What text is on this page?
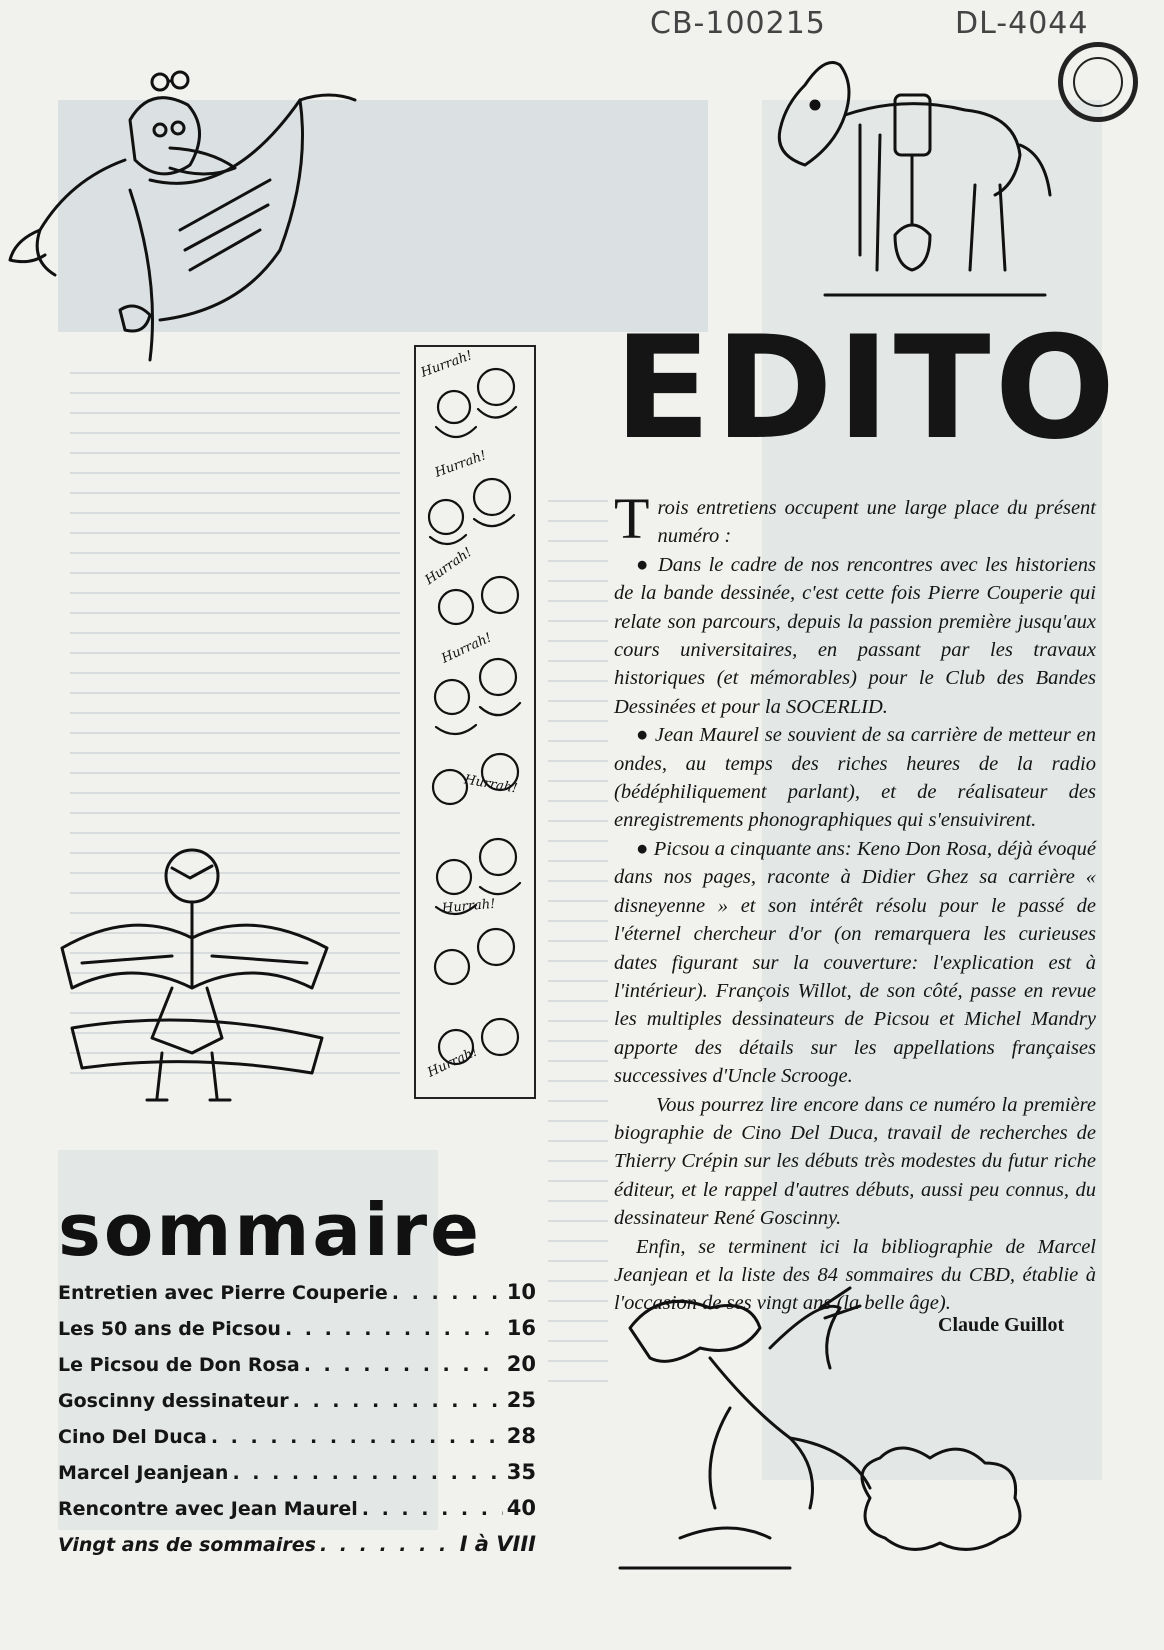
CB-100215	DL-4044
EDITO
Hurrah!
Hurrah!
Hurrah!
Hurrah!
Hurrah!
Hurrah!
Hurrah!

Trois entretiens occupent une large place du présent numéro :

● Dans le cadre de nos rencontres avec les historiens de la bande dessinée, c'est cette fois Pierre Couperie qui relate son parcours, depuis la passion première jusqu'aux cours universitaires, en passant par les travaux historiques (et mémorables) pour le Club des Bandes Dessinées et pour la SOCERLID.

● Jean Maurel se souvient de sa carrière de metteur en ondes, au temps des riches heures de la radio (bédéphiliquement parlant), et de réalisateur des enregistrements phonographiques qui s'ensuivirent.

● Picsou a cinquante ans: Keno Don Rosa, déjà évoqué dans nos pages, raconte à Didier Ghez sa carrière « disneyenne » et son intérêt résolu pour le passé de l'éternel chercheur d'or (on remarquera les curieuses dates figurant sur la couverture: l'explication est à l'intérieur). François Willot, de son côté, passe en revue les multiples dessinateurs de Picsou et Michel Mandry apporte des détails sur les appellations françaises successives d'Uncle Scrooge.

Vous pourrez lire encore dans ce numéro la première biographie de Cino Del Duca, travail de recherches de Thierry Crépin sur les débuts très modestes du futur riche éditeur, et le rappel d'autres débuts, aussi peu connus, du dessinateur René Goscinny.

Enfin, se terminent ici la bibliographie de Marcel Jeanjean et la liste des 84 sommaires du CBD, établie à l'occasion de ses vingt ans (la belle âge).

Claude Guillot
sommaire
Entretien avec Pierre Couperie . . .	10
Les 50 ans de Picsou . . .	16
Le Picsou de Don Rosa . . .	20
Goscinny dessinateur . . .	25
Cino Del Duca . . .	28
Marcel Jeanjean . . .	35
Rencontre avec Jean Maurel . . .	40
Vingt ans de sommaires . . .	I à VIII
